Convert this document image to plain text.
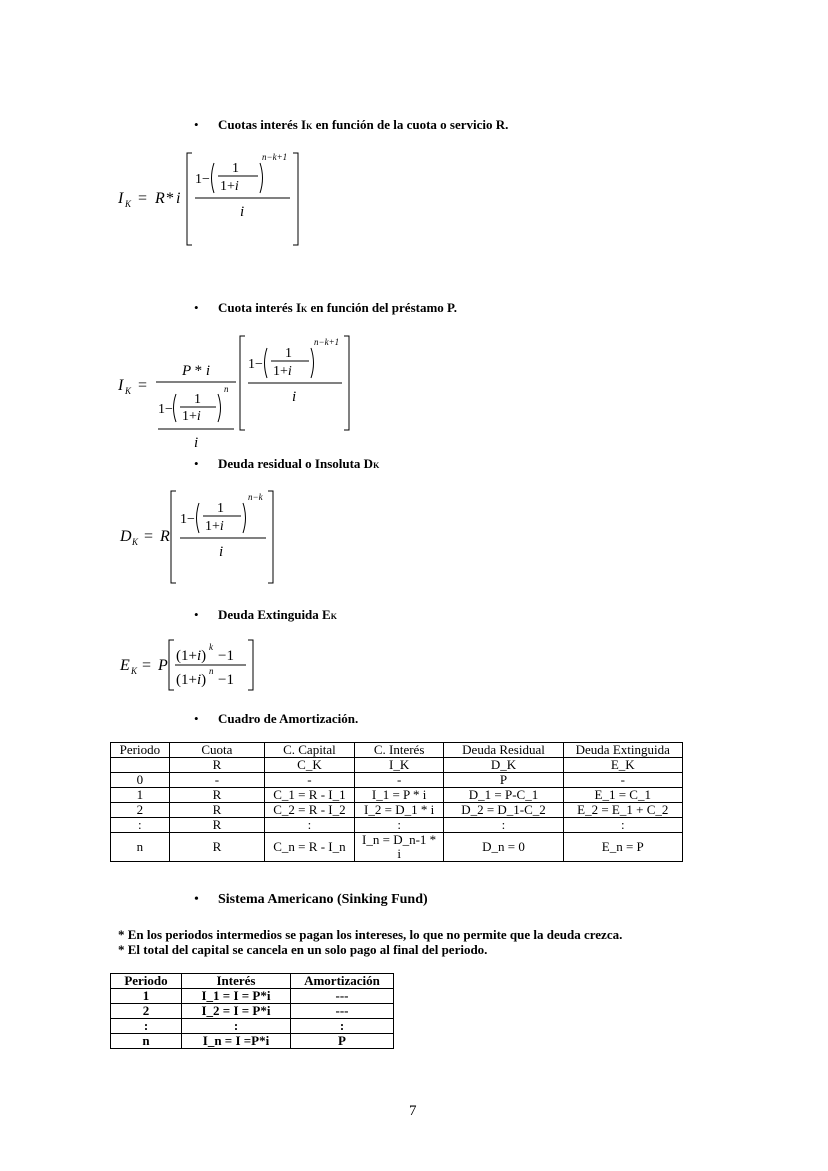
• Cuotas interés IK en función de la cuota o servicio R.
I K = R * i
1−
1
1+i
n−k+1
i
• Cuota interés IK en función del préstamo P.
I K =
P * i
1−
1
1+i
n
i
1−
1
1+i
n−k+1
i
• Deuda residual o Insoluta DK
D K = R
1−
1
1+i
n−k
i
• Deuda Extinguida EK
E K = P
(1+i)
k
−1
(1+i)
n
−1
• Cuadro de Amortización.
Periodo	Cuota	C. Capital	C. Interés	Deuda Residual	Deuda Extinguida
	R	C_K	I_K	D_K	E_K
0	-	-	-	P	-
1	R	C_1 = R - I_1	I_1 = P * i	D_1 = P-C_1	E_1 = C_1
2	R	C_2 = R - I_2	I_2 = D_1 * i	D_2 = D_1-C_2	E_2 = E_1 + C_2
:	R	:	:	:	:
n	R	C_n = R - I_n	I_n = D_n-1 * i	D_n = 0	E_n = P
• Sistema Americano (Sinking Fund)
* En los periodos intermedios se pagan los intereses, lo que no permite que la deuda crezca.
* El total del capital se cancela en un solo pago al final del periodo.
Periodo	Interés	Amortización
1	I_1 = I = P*i	---
2	I_2 = I = P*i	---
:	:	:
n	I_n = I =P*i	P
7
